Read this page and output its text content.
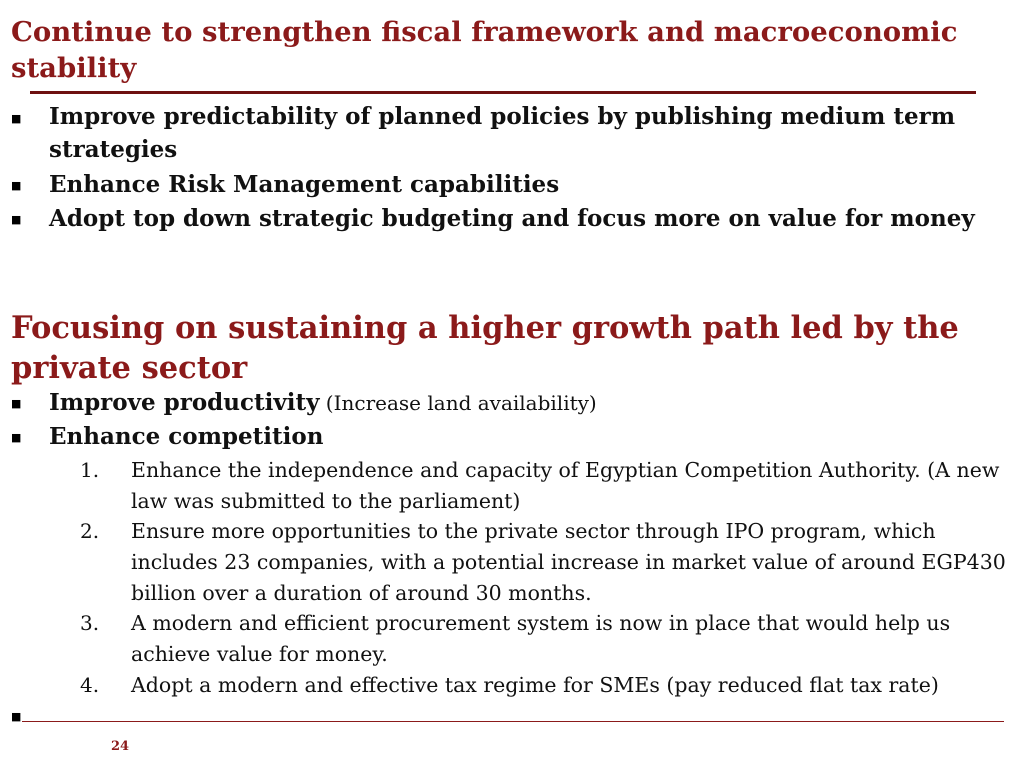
Continue to strengthen fiscal framework and macroeconomic stability
■ Improve predictability of planned policies by publishing medium term strategies

■ Enhance Risk Management capabilities

■ Adopt top down strategic budgeting and focus more on value for money

Focusing on sustaining a higher growth path led by the private sector
■ Improve productivity (Increase land availability)

■ Enhance competition

1. Enhance the independence and capacity of Egyptian Competition Authority. (A new law was submitted to the parliament)

2. Ensure more opportunities to the private sector through IPO program, which includes 23 companies, with a potential increase in market value of around EGP430 billion over a duration of around 30 months.

3. A modern and efficient procurement system is now in place that would help us achieve value for money.

4. Adopt a modern and effective tax regime for SMEs (pay reduced flat tax rate)

■
24
